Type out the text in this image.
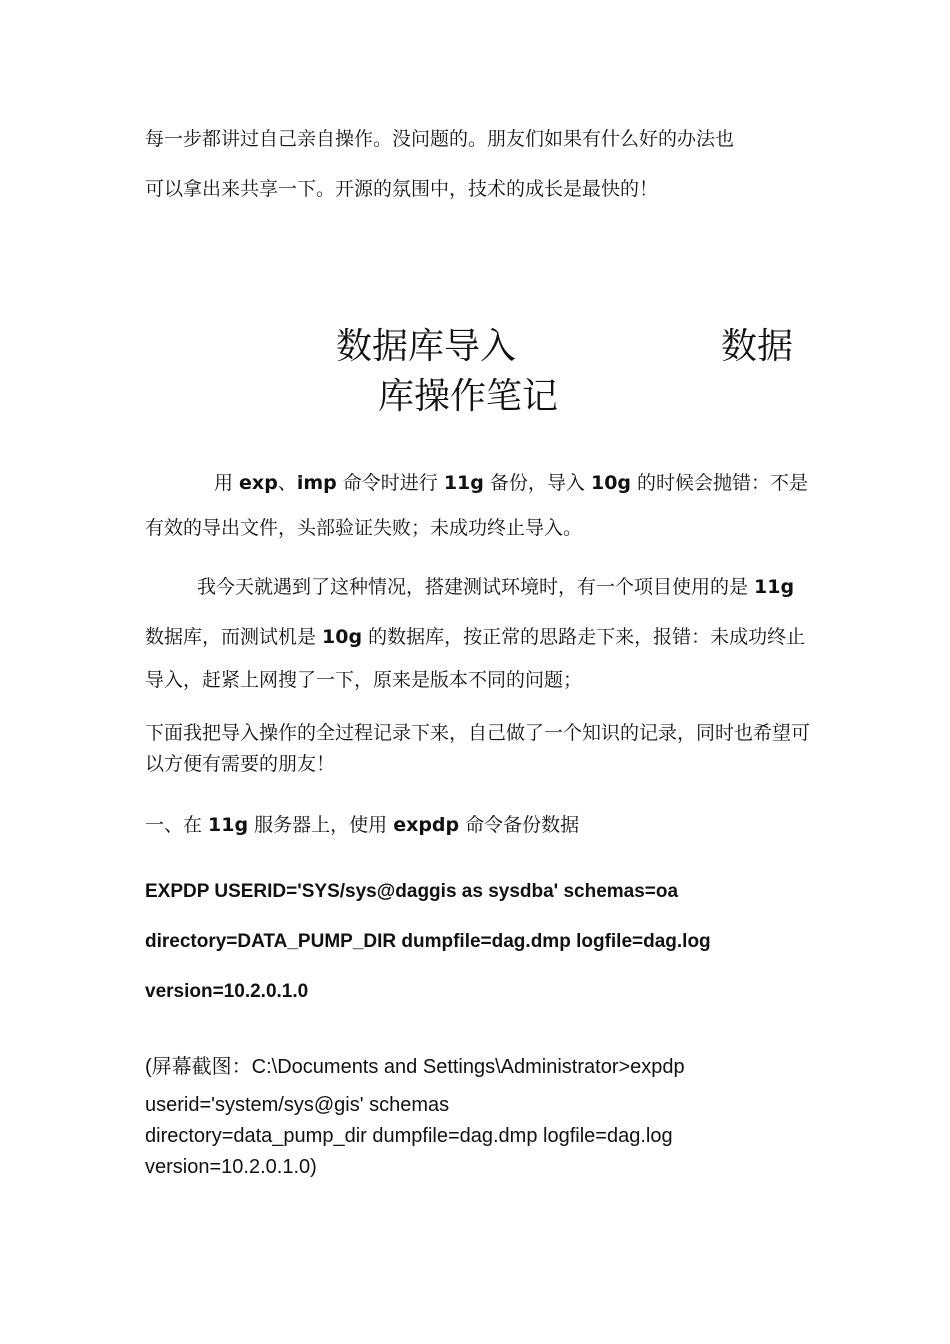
每一步都讲过自己亲自操作。没问题的。朋友们如果有什么好的办法也
可以拿出来共享一下。开源的氛围中，技术的成长是最快的！
数据库导入	数据
库操作笔记
用 exp、imp 命令时进行 11g 备份，导入 10g 的时候会抛错：不是
有效的导出文件，头部验证失败；未成功终止导入。
我今天就遇到了这种情况，搭建测试环境时，有一个项目使用的是 11g
数据库，而测试机是 10g 的数据库，按正常的思路走下来，报错：未成功终止
导入，赶紧上网搜了一下，原来是版本不同的问题；
下面我把导入操作的全过程记录下来，自己做了一个知识的记录，同时也希望可
以方便有需要的朋友！
一、在 11g 服务器上，使用 expdp 命令备份数据
EXPDP USERID='SYS/sys@daggis as sysdba' schemas=oa
directory=DATA_PUMP_DIR dumpfile=dag.dmp logfile=dag.log
version=10.2.0.1.0
(屏幕截图：C:\Documents and Settings\Administrator>expdp
userid='system/sys@gis' schemas
directory=data_pump_dir dumpfile=dag.dmp logfile=dag.log
version=10.2.0.1.0)
